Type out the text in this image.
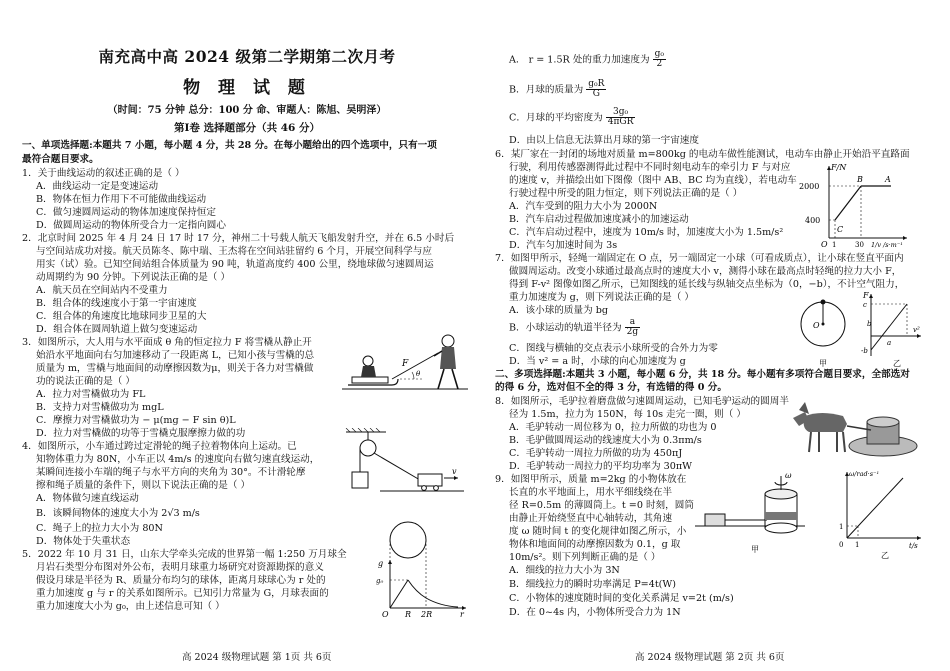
南充高中高 2024 级第二学期第二次月考
物 理 试 题
（时间：75 分钟 总分：100 分 命、审题人：陈旭、吴明泽）
第Ⅰ卷 选择题部分（共 46 分）
一、单项选择题:本题共 7 小题，每小题 4 分，共 28 分。在每小题给出的四个选项中，只有一项
最符合题目要求。
1．关于曲线运动的叙述正确的是（ ）
A．曲线运动一定是变速运动
B．物体在恒力作用下不可能做曲线运动
C．做匀速圆周运动的物体加速度保持恒定
D．做圆周运动的物体所受合力一定指向圆心
2．北京时间 2025 年 4 月 24 日 17 时 17 分，神州二十号载人航天飞船发射升空，并在 6.5 小时后
与空间站成功对接。航天员陈冬、陈中瑞、王杰将在空间站驻留约 6 个月，开展空间科学与应
用实（试）验。已知空间站组合体质量为 90 吨，轨道高度约 400 公里，绕地球做匀速圆周运
动周期约为 90 分钟。下列说法正确的是（ ）
A．航天员在空间站内不受重力
B．组合体的线速度小于第一宇宙速度
C．组合体的角速度比地球同步卫星的大
D．组合体在圆周轨道上做匀变速运动
3．如图所示，大人用与水平面成 θ 角的恒定拉力 F 将雪橇从静止开
始沿水平地面向右匀加速移动了一段距离 L，已知小孩与雪橇的总
质量为 m，雪橇与地面间的动摩擦因数为μ，则关于各力对雪橇做
功的说法正确的是（ ）
A．拉力对雪橇做功为 FL
B．支持力对雪橇做功为 mgL
C．摩擦力对雪橇做功为 − μ(mg − F sin θ)L
D．拉力对雪橇做的功等于雪橇克服摩擦力做的功
F
θ
4．如图所示，小车通过跨过定滑轮的绳子拉着物体向上运动。已
知物体重力为 80N，小车正以 4m/s 的速度向右做匀速直线运动，
某瞬间连接小车端的绳子与水平方向的夹角为 30°。不计滑轮摩
擦和绳子质量的条件下，则以下说法正确的是（ ）
A．物体做匀速直线运动
B．该瞬间物体的速度大小为 2√3 m/s
C．绳子上的拉力大小为 80N
D．物体处于失重状态
v
5．2022 年 10 月 31 日，山东大学牵头完成的世界第一幅 1:250 万月球全
月岩石类型分布图对外公布，表明月球重力场研究对资源勘探的意义
假设月球是半径为 R、质量分布均匀的球体，距离月球球心为 r 处的
重力加速度 g 与 r 的关系如图所示。已知引力常量为 G，月球表面的
重力加速度大小为 g₀，由上述信息可知（ ）
g
g₀
O R 2R	r
高 2024 级物理试题 第 1页 共 6页
A． r = 1.5R 处的重力加速度为 $\frac{\text{g₀}}{2}$
B．月球的质量为 $\frac{\text{g₀R}}{G}$
C．月球的平均密度为 $\frac{\text{3g₀}}{\text{4πGR}}$
D．由以上信息无法算出月球的第一宇宙速度
6．某厂家在一封闭的场地对质量 m=800kg 的电动车做性能测试，电动车由静止开始沿平直路面
行驶，利用传感器测得此过程中不同时刻电动车的牵引力 F 与对应
的速度 v，并描绘出如下图像（图中 AB、BC 均为直线），若电动车
行驶过程中所受的阻力恒定，则下列说法正确的是（ ）
A．汽车受到的阻力大小为 2000N
B．汽车启动过程做加速度减小的加速运动
C．汽车启动过程中，速度为 10m/s 时，加速度大小为 1.5m/s²
D．汽车匀加速时间为 3s
F/N
2000
400
O 1	30 1/v /s·m⁻¹
A
B
C
7．如图甲所示，轻绳一端固定在 O 点，另一端固定一小球（可看成质点），让小球在竖直平面内
做圆周运动。改变小球通过最高点时的速度大小 v，测得小球在最高点时轻绳的拉力大小 F，
得到 F-v² 图像如图乙所示，已知图线的延长线与纵轴交点坐标为（0，−b），不计空气阻力，
重力加速度为 g，则下列说法正确的是（ ）
A．该小球的质量为 bg
B．小球运动的轨道半径为 $\frac{a}{2g}$
C．图线与横轴的交点表示小球所受的合外力为零
D．当 v² = a 时，小球的向心加速度为 g
O
甲
F
c
-b
a
v²
b
乙
二、多项选择题:本题共 3 小题，每小题 6 分，共 18 分。每小题有多项符合题目要求，全部选对
的得 6 分，选对但不全的得 3 分，有选错的得 0 分。
8．如图所示，毛驴拉着磨盘做匀速圆周运动，已知毛驴运动的圆周半
径为 1.5m，拉力为 150N，每 10s 走完一圈，则（ ）
A．毛驴转动一周位移为 0，拉力所做的功也为 0
B．毛驴做圆周运动的线速度大小为 0.3πm/s
C．毛驴转动一周拉力所做的功为 450πJ
D．毛驴转动一周拉力的平均功率为 30πW
9．如图甲所示，质量 m=2kg 的小物体放在
长直的水平地面上，用水平细线绕在半
径 R=0.5m 的薄圆筒上。t =0 时刻，圆筒
由静止开始绕竖直中心轴转动，其角速
度 ω 随时间 t 的变化规律如图乙所示，小
物体和地面间的动摩擦因数为 0.1，g 取
10m/s²。则下列判断正确的是（ ）
A．细线的拉力大小为 3N
B．细线拉力的瞬时功率满足 P=4t(W)
C．小物体的速度随时间的变化关系满足 v=2t (m/s)
D．在 0~4s 内，小物体所受合力为 1N
ω
甲
ω/rad·s⁻¹
1
0 1	t/s
乙
高 2024 级物理试题 第 2页 共 6页
